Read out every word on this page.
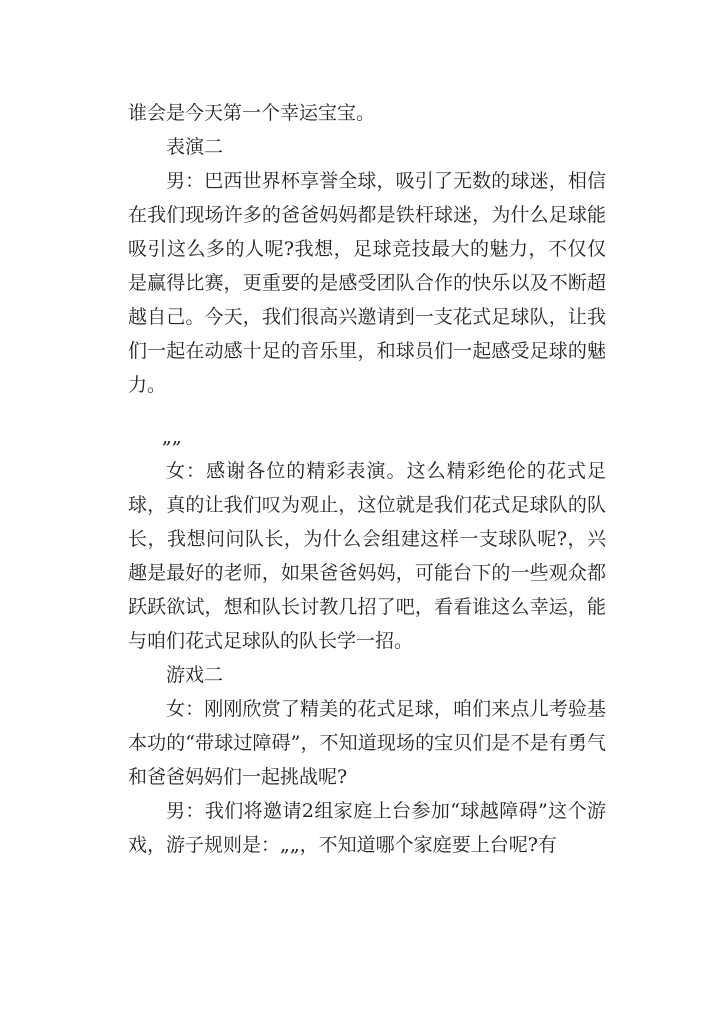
谁会是今天第一个幸运宝宝。

表演二

男：巴西世界杯享誉全球，吸引了无数的球迷，相信在我们现场许多的爸爸妈妈都是铁杆球迷，为什么足球能吸引这么多的人呢?我想，足球竞技最大的魅力，不仅仅是赢得比赛，更重要的是感受团队合作的快乐以及不断超越自己。今天，我们很高兴邀请到一支花式足球队，让我们一起在动感十足的音乐里，和球员们一起感受足球的魅力。

„„

女：感谢各位的精彩表演。这么精彩绝伦的花式足球，真的让我们叹为观止，这位就是我们花式足球队的队长，我想问问队长，为什么会组建这样一支球队呢?，兴趣是最好的老师，如果爸爸妈妈，可能台下的一些观众都跃跃欲试，想和队长讨教几招了吧，看看谁这么幸运，能与咱们花式足球队的队长学一招。

游戏二

女：刚刚欣赏了精美的花式足球，咱们来点儿考验基本功的“带球过障碍”，不知道现场的宝贝们是不是有勇气和爸爸妈妈们一起挑战呢?

男：我们将邀请2组家庭上台参加“球越障碍”这个游戏，游子规则是：„„，不知道哪个家庭要上台呢?有
